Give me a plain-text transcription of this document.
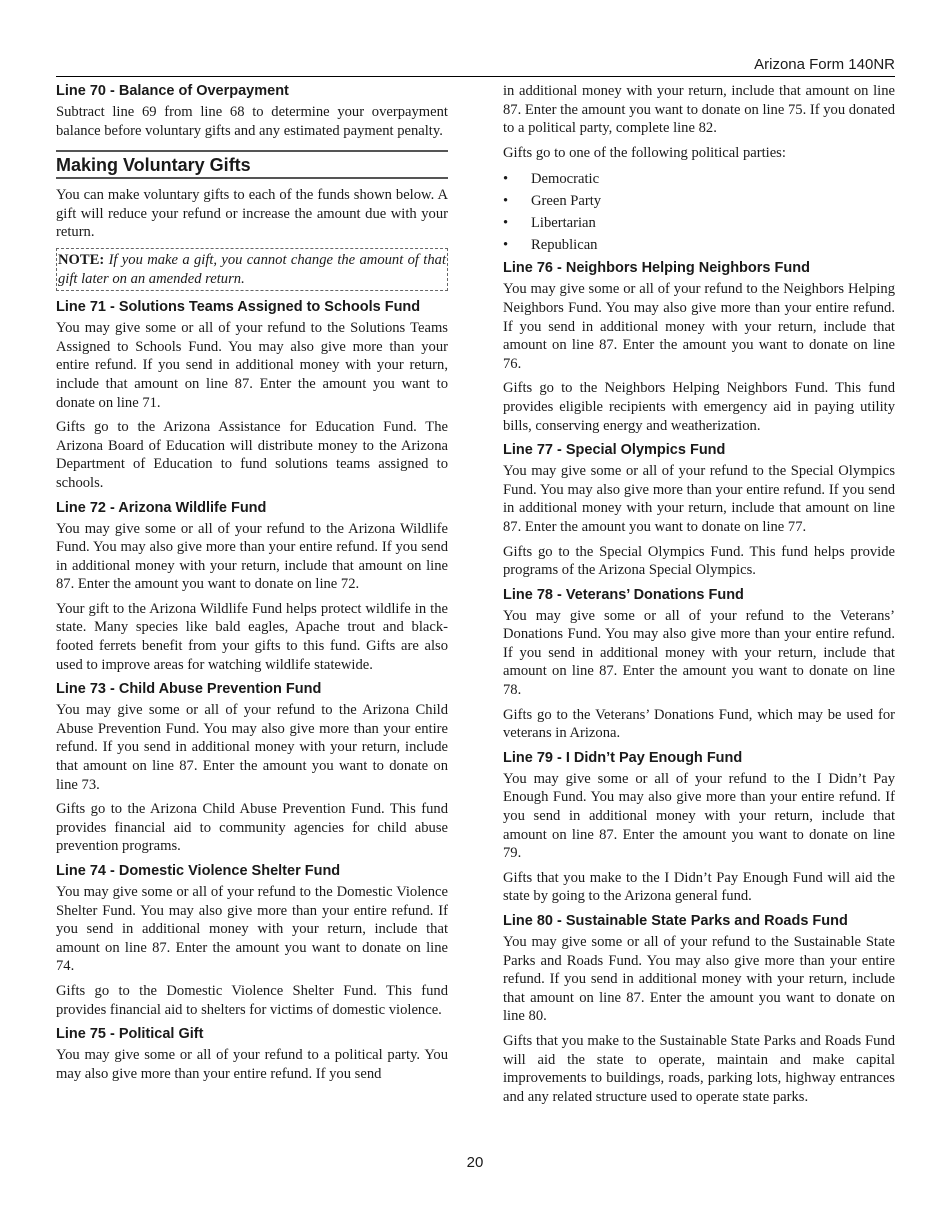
Arizona Form 140NR
Line 70 - Balance of Overpayment

Subtract line 69 from line 68 to determine your overpayment balance before voluntary gifts and any estimated payment penalty.

Making Voluntary Gifts

You can make voluntary gifts to each of the funds shown below. A gift will reduce your refund or increase the amount due with your return.

NOTE: If you make a gift, you cannot change the amount of that gift later on an amended return.
Line 71 - Solutions Teams Assigned to Schools Fund

You may give some or all of your refund to the Solutions Teams Assigned to Schools Fund. You may also give more than your entire refund. If you send in additional money with your return, include that amount on line 87. Enter the amount you want to donate on line 71.

Gifts go to the Arizona Assistance for Education Fund. The Arizona Board of Education will distribute money to the Arizona Department of Education to fund solutions teams assigned to schools.

Line 72 - Arizona Wildlife Fund

You may give some or all of your refund to the Arizona Wildlife Fund. You may also give more than your entire refund. If you send in additional money with your return, include that amount on line 87. Enter the amount you want to donate on line 72.

Your gift to the Arizona Wildlife Fund helps protect wildlife in the state. Many species like bald eagles, Apache trout and black-footed ferrets benefit from your gifts to this fund. Gifts are also used to improve areas for watching wildlife statewide.

Line 73 - Child Abuse Prevention Fund

You may give some or all of your refund to the Arizona Child Abuse Prevention Fund. You may also give more than your entire refund. If you send in additional money with your return, include that amount on line 87. Enter the amount you want to donate on line 73.

Gifts go to the Arizona Child Abuse Prevention Fund. This fund provides financial aid to community agencies for child abuse prevention programs.

Line 74 - Domestic Violence Shelter Fund

You may give some or all of your refund to the Domestic Violence Shelter Fund. You may also give more than your entire refund. If you send in additional money with your return, include that amount on line 87. Enter the amount you want to donate on line 74.

Gifts go to the Domestic Violence Shelter Fund. This fund provides financial aid to shelters for victims of domestic violence.

Line 75 - Political Gift

You may give some or all of your refund to a political party. You may also give more than your entire refund. If you send

in additional money with your return, include that amount on line 87. Enter the amount you want to donate on line 75. If you donated to a political party, complete line 82.

Gifts go to one of the following political parties:

• Democratic
• Green Party
• Libertarian
• Republican
Line 76 - Neighbors Helping Neighbors Fund

You may give some or all of your refund to the Neighbors Helping Neighbors Fund. You may also give more than your entire refund. If you send in additional money with your return, include that amount on line 87. Enter the amount you want to donate on line 76.

Gifts go to the Neighbors Helping Neighbors Fund. This fund provides eligible recipients with emergency aid in paying utility bills, conserving energy and weatherization.

Line 77 - Special Olympics Fund

You may give some or all of your refund to the Special Olympics Fund. You may also give more than your entire refund. If you send in additional money with your return, include that amount on line 87. Enter the amount you want to donate on line 77.

Gifts go to the Special Olympics Fund. This fund helps provide programs of the Arizona Special Olympics.

Line 78 - Veterans’ Donations Fund

You may give some or all of your refund to the Veterans’ Donations Fund. You may also give more than your entire refund. If you send in additional money with your return, include that amount on line 87. Enter the amount you want to donate on line 78.

Gifts go to the Veterans’ Donations Fund, which may be used for veterans in Arizona.

Line 79 - I Didn’t Pay Enough Fund

You may give some or all of your refund to the I Didn’t Pay Enough Fund. You may also give more than your entire refund. If you send in additional money with your return, include that amount on line 87. Enter the amount you want to donate on line 79.

Gifts that you make to the I Didn’t Pay Enough Fund will aid the state by going to the Arizona general fund.

Line 80 - Sustainable State Parks and Roads Fund

You may give some or all of your refund to the Sustainable State Parks and Roads Fund. You may also give more than your entire refund. If you send in additional money with your return, include that amount on line 87. Enter the amount you want to donate on line 80.

Gifts that you make to the Sustainable State Parks and Roads Fund will aid the state to operate, maintain and make capital improvements to buildings, roads, parking lots, highway entrances and any related structure used to operate state parks.

20
